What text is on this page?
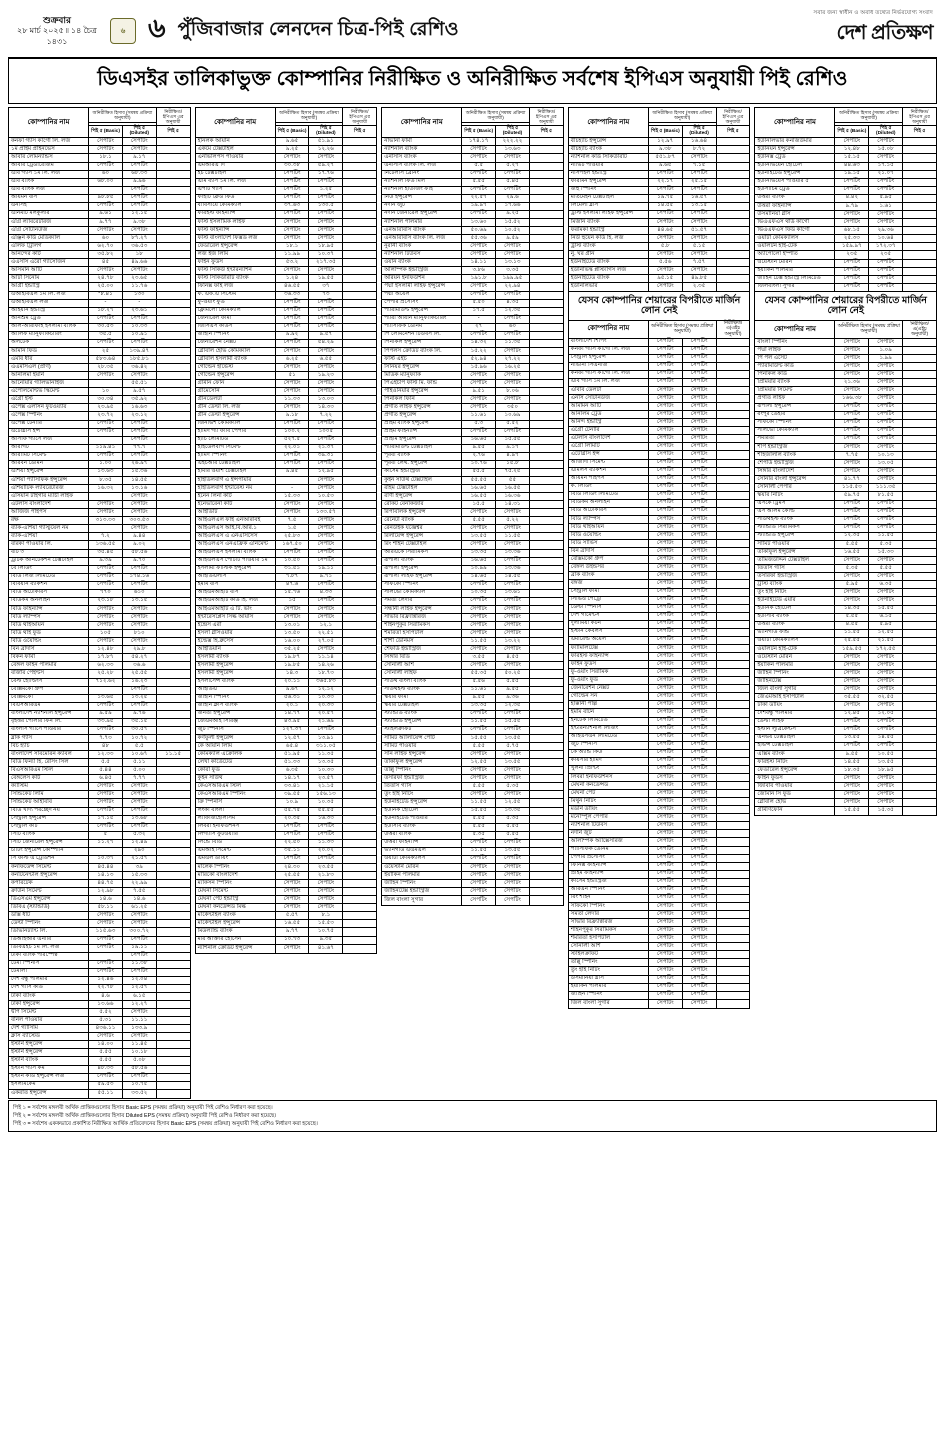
শুক্রবার
২৮ মার্চ ২০২৫ ৷৷ ১৪ চৈত্র ১৪৩১
৬ ৬ পুঁজিবাজার লেনদেন চিত্র-পিই রেশিও
সবার জন্য স্বাধীন ও অবাধ তথ্যের নির্ভরযোগ্য সংবাদ
দেশ প্রতিক্ষণ
ডিএসইর তালিকাভুক্ত কোম্পানির নিরীক্ষিত ও অনিরীক্ষিত সর্বশেষ ইপিএস অনুযায়ী পিই রেশিও
কোম্পানির নাম	অনিরীক্ষিত হিসাব (সমন্বয় প্রক্রিয়া অনুযায়ী)		নিরীক্ষিত/ইপিএস এর অনুযায়ী

	পিই ৫ (Basic)	পিই ৫ (Diluted)	পিই ৫
কনফা গ্যাস কার্গো লি. লজ	সেপটিং	সেপটিং	
১ম প্রাইম প্রাইনভেস	সেপটিং	সেপটিং	
আবার লেমিন্যান্ডস	১৮.১	৯.১৭	
আবার ট্রেডারেজিম	সেপটিং	সেপটিং	
এবি গ্যাস ১ম লি. লজ	৬০	৬৮.৩৩	
এবি ব্যাংক	৬৮.০০	৯.৯৬	
এবি ব্যাংক লজ		সেপটিং	
আয়মন বাস	৯৮.৮৫	সেপটিং	
এনসিই	সেপটিং	সেপটিং	
এনিমার্ট মলকুলার	৯.৬১	১২.১৫	
এগ্রি ল্যাবরেটরিজ	৯.৭৭	৯.৩৮	
এগ্রি সেটিনিউজ	সেপটিং	সেপটিং	
এঞ্জিন কার্ড মেডিক্যাল	৬০	৮৭.২৭	
এলিফ ট্রিলিগ	৬২.৭০	৩৬.৫৩	
আনন্দের কার্ট	৩৫.৮২	১৮	
এএসসি এরো গ্যাসেজিন	৪৫	৪৯.৬৬	
আসমান আটি	সেপটিং	সেপটিং	
আটা সিনেমি	২৪.৭৮	২৩.৬৫	
আগ্রী ইন্ডাস্ট্রি	২৫.০০	১১.৭৬	
এআইবিএল ১ম লি. লজ	*৮.৪১	১৩০	
এআইবিএল লজ	-	-	
আইয়ান ইন্ডাস্ট্রি	১৮.২৭	২৩.৬১	
আনশুম ট্রেড	সেপটিং	সেপটিং	
আল-আরাফাহ ইসলামী ব্যাংক	৩০.৫৩	১০.৩৩	
আলিফ ম্যানুফ্যাকচারিং	৩৫.৫	১০.৯১	
অলটেক	সেপটিং	সেপটিং	
আমান ফিড	২৫	১৩৯.৪৭	
এমবি ধার	৫৮৩.৬৪	১৮৫.৮১	
এএমসিএল (প্রাণ)	২৮.৩৫	৩৬.৪২	
আনলিমা ইয়ার্ন	সেপটিং	সেপটিং	
আনোয়ার গ্যালভানাইজ		৫৫.৫১	
এপেলিমেন্টিভ স্কিমেন্ট	১০	৯.৫৭	
এগ্রো ইস্ট	৩০.৩৪	৩৫.৯২	
এপেক্স এলসিন ফুটওয়্যার	২৩.৯৫	১৬.৬৩	
এপেক্স স্পিনিং	২৩.৭২	২৩.১২	
এপেক্স টেনারি	সেপটিং	সেপটিং	
এটোগ্লাস ইন্স	সেপটিং	সেপটিং	
আসাফ গ্যাসে লজ		সেপটিং	
আরগিট	১১৯.৪১	৭৭.৭	
আরামিট সিমেন্ট	সেপটিং	সেপটিং	
আরবন ডেমিন	১.০০	২৬.৯৭	
এশিয়া ইন্সুরেন্স	১৩.৬৩	১৫.৩৬	
এশিয়া প্যাসিফিক ইন্সুরেন্স	৮.৩৫	১৪.৫৫	
এশিয়াটিক ল্যাবরেটরিজ	১৬.৩২	১৩.১৬	
এসিয়ান টাইগার ম্যাচী লাইফ		সেপটিং	
এটলাস বাংলাদেশ	সেপটিং	সেপটিং	
আজিজ পাইপস	সেপটিং	সেপটিং	
রক্ষ	৩১৩.৩৩	৩০৩.৫৩	
ব্যাক-এশিয়া গ্যাস্টুয়েল নম		সেপটিং	
ব্যাক-এশিয়া	৭.২	৯.৪৪	
বারকা পাওয়ার লি.	১৩৬.৫৫	৯.০২	
বটি ৩	৩৫.৪৫	৫৮.৫৬	
ট্রটিক আনটেকশন টেক্সটাইল	৯.৩৯	৯.৭০	
বে লিডিং	সেপটিং	সেপটিং	
বিডি লিজ লিমিটেড	সেপটিং	১৭৪.১৬	
বিবিয়ান ব্যাকশন	সেপটিং	সেপটিং	
বিডি অটোকারস	৭৭০	৬১০	
বিডিকম অনলাইন	২৩.১৮	১৩.১৫	
বিডি ফাইন্যান্স	সেপটিং	সেপটিং	
বিডি ল্যাম্পস	সেপটিং	সেপটিং	
বিডি থাইআয়ন	সেপটিং	সেপটিং	
বিডি থাই ফুড	১০৫	৮১০	
বিডি ওয়েল্ডিং	সেপটিং	সেপটিং	
বিন ব্রাদার্স	১২.৪৮	২৯.৮	
বিকন ফার্মা	১৭.৮৭	৫৪.২৭	
বেঙ্গল ফাইন পলিমার	৬২.৩৩	৩৬.৬	
বার্জার পেইন্টস	২৫.২৮	২৫.৫৫	
বেস্ট হোল্ডিংস	৭১২.৬২	১৬.২৩	
বেক্সিমকো গ্রুপ		সেপটিং	
বেক্সিমকো	১৩.৬৫	১৩.২৫	
বিএসআরএম	সেপটিং	সেপটিং	
বাংলাদেশ ন্যাশনাল ইন্সুরেন্স	৯.৫৯	৯.৭৬	
বৃহত্তর পোলার ফিন লি.	৩৩.৯৫	৩৫.১৫	
বাংলাস গ্যাসে পাওয়ার	সেপটিং	৩০.৫৭	
ব্লাক গ্যাস	৭.৭৩	১০.৭২	
বিচ হ্যাচ	৪৮	৫.৫	
বাংলাদেশ সাবমেরিন ক্যাবল	১২.৩৩	১০.৬৭	১১.১৫
বিডি ফিন্যা হি. রেসিং সিল	৫.৫	৫.১১	
বিএসআরএম স্টিল	৫.৪৪	৫.০০	
বেঙ্গলেস কার্ট	৬.৪৫	৭.৭৭	
ক্যাস্টিম	সেপটিং	সেপটিং	
সিন্ডিকেট লিমি	সেপটিং	সেপটিং	
সিন্ডিকেট আইবিবি	সেপটিং	সেপটিং	
বিডি খাদ্য পরচ্ছেদ নয়	সেপটিং	সেপটিং	
সেন্ট্রাল ইন্সুরেন্স	১৭.১৫	১৩.৬৮	
সেন্ট্রাল কার্ট	সেপটিং	সেপটিং	
সিটি ব্যাংক	৫	৫.৩২	
সিটি জেনারেল ইন্সুরেন্স	১১.২৭	১২.৪৯	
চাটিং ইন্সুরেন্স কোম্পানি		২৯০	
সি ফার্স্ট এ ট্রেডিশন	১০.৩৭	২১.৫৭	
কনফিডেন্স সিমেন্ট	৪৫.৪৪	৩৯	
কনটিনেন্টাল ইন্সুরেন্স	১৪.১৩	১৫.৩৩	
কপারটেক	৪৪.৭৫	২২.৯৯	
ক্রাউন সিমেন্ট	১২.৯৮	৭.৫৫	
ডিএসএম ইন্সুরেন্স	১৪.৬	১৪.৬	
ডিবিএ (স্ট্যান্ডার্ড)	৫৮.১১	৬১.২৫	
ডাক্স ধটি	সেপটিং	সেপটিং	
ডেল্টা স্পিনিং	সেপটিং	সেপটিং	
ডিভিনিট্যান্ট লি.	১১৫.৬৩	৩০০.৭২	
ডিআইআর এনারি	সেপটিং	সেপটিং	
ডিবিএইচ ১ম লি. লজ	সেপটিং	১৯.১১	
ঢাকা ব্যাংক পারস্পেক্ট		সেপটিং	
ঢেমী স্পিনার্স	সেপটিং	১১.৩৮	
ঢেমালা	সেপটিং	সেপটিং	
দেশ বন্ধু পলিমার	১২.৪৬	১২.০৪	
দেশ গ্যাস কার্ড	২২.৭৮	১২.৫৭	
ঢাকা ব্যাংক	৪.৬	৬.১৫	
ঢাকা ইন্সুরেন্স	১৩.৬৬	১২.২৭	
দ্বীপ সিমেন্ট	৫.৫২	সেপটিং	
বনিল পাওয়ার	৫.৩১	১১.১১	
দেশ গ্যাসিমি	৪৩৬.১১	১৩৩.৯	
ক্লাস ব্যাস্টেড	সেপটিং	সেপটিং	
ইস্টার্ন ইন্সুরেন্স	১৪.০০	১১.৪৫	
ইস্টার্ন ইন্সুরেন্স	৫.৫৫	১০.১৮	
ইস্টার্ন ব্যাংক	৫.৫৫	৫.০৮	
ইস্টার্ন গ্যাস কম	৪৮.৩৩	৫৮.৫৬	
ইস্টার্ন কার্ড ইন্সুরেন্স লজ	সেপটিং	সেপটিং	
ইসলামকেম	৫৯.৫৩	১০.৭৫	
একরাত ইন্সুরেন্স	৫৫.১১	৩৩.৫২	
কোম্পানির নাম	অনিরীক্ষিত হিসাব (সমন্বয় প্রক্রিয়া অনুযায়ী)		নিরীক্ষিত/ইপিএস এর অনুযায়ী

	পিই ৫ (Basic)	পিই ৫ (Diluted)	পিই ৫
ইনিলক আয়ান	৯.৬৫	৫১.৯১	
একমে টেক্সটাইল	৯.২৫	১২.২৬	
এনভিলিপস পাওয়ার	সেপটিং	সেপটিং	
এমআরএ দি	৩০.৩৮	৫৯.২৭	
ইচ টেক্সটাইল	সেপটিং	১৭.৭৬	
এমি ব্যাস ১ম লি. লজ	সেপটিং	সেপটিং	
এপটি গ্যাস	সেপটিং	১.২৫	
ফাইটি ফ্রিড ফিড	সেপটিং	সেপটিং	
ব্যাবসায়ে কেমিক্যাল	৩৭.৬৩	১৩০.৫	
ফারইস্ট ফাইন্যান্স	সেপটিং	সেপটিং	
ফার্স্ট ইসলামিক লাইফ	সেপটিং	সেপটিং	
ফার্স্ট ফাইন্যান্স	সেপটিং	সেপটিং	
ফার্স্ট বাংলাদেশ ফিক্সড লজ	সেপটিং	সেপটিং	
ফেডারেল ইন্সুরেন্স	১৮.১	১৮.৯৫	
লজ ইজ লিমি	১১.৯৯	১০.৩৭	
ফাইন ফুডস	৫৩.২	২১৭.৩৫	
ফার্স্ট সিকিউ ইন্টারন্যাশন	সেপটিং	সেপটিং	
ফার্স্ট সিকিউরিটি ব্যাংক	১.২৪	১৯.৫৫	
ফিনিক্স ফাই লজ	৪৬.৫৫	৩৭	
ফ. এফ.এ সিস্টেম	৩৬.৩৩	৭৩	
ফু-ওয়াং ফুড	সেপটিং	সেপটিং	
ফ্লেমিলো কেমিক্যাল	সেপটিং	সেপটিং	
জেনারেল ফার্মা	সেপটিং	সেপটিং	
জিসিএস কার্ডস	সেপটিং	সেপটিং	
জাহান স্পিনিং	৯.৯২	৯.৫৭	
জেনারেশন নেক্সট	সেপটিং	৫৪.২৯	
গ্লোবাল হেভি কেমিক্যাল	সেপটিং	সেপটিং	
গ্লোবাল ইসলামী ব্যাংক	৬.২৫	৬.৫৫	
গোল্ডেন হার্ভেস্ট	সেপটিং	সেপটিং	
গোল্ডেন ইন্সুরেন্স	৫১	১৯.২৩	
গ্রামীন ফোন	সেপটিং	সেপটিং	
গ্রামেসোন	সেপটিং	সেপটিং	
গ্রীনডেলটা	১১.৩৩	১৩.০৩	
গ্রীন ডেল্টা লি. লজ	সেপটিং	১৪.৩৩	
গ্রীন ডেল্টা ইন্সুরেন্স	৯.১৮	৭.২২	
জিনভিশ কেমিক্যাল	সেপটিং	সেপটিং	
হামিদ গ্যা ফ্যাব পেপার	১০০.২	১০০৫	
হ্যাচ লেমিটিড	৫২৭.৫	সেপটিং	
হাইডেলবার্গ সিমেন্ট	২২.০১	২১.৩৭	
হামিদ স্পিনিং	সেপটিং	৩৯.৩১	
এইচআর টেক্সটাইল	সেপটিং	সেপটিং	
হামার ওয়াশ টেক্সটাইল	৯.৪৫	১২.৯৫	
হাইডিলবার্গ এ ইন্সপায়ার		সেপটিং	
হাইডিলবার্গ ইন্টারেস্ট নম	-	সেপটিং	
ইনেন লিনা কার্ট	১৫.৩৩	১০.৫৩	
ইনেভারেনা কার্ট	সেপটিং	সেপটিং	
আইডিটি	সেপটিং	১৩৩.৫৭	
আইএলএল ফাই এনআরবিই	৭.৫	সেপটিং	
আইএলএস আই.বি.আর.১	১.৫	সেপটিং	
আইএলএস এ এনএসিসেস	২৫.৮৩	সেপটিং	
আইএলএস এনএফ্রিক এনিমেন্ট	১৬৭.৫০	সেপটিং	
আইএলএস ইসলামী ব্যাংক	সেপটিং	সেপটিং	
আইএলএস পোর্টটি পাওয়ার ১ম	১০.৫০	সেপটিং	
ইসলামী ফার্স্টিক ইন্সুরেন্স	৩১.৫১	১৯.১১	
আইডিএলসি	৭.৮৭	৯.৭১	
ইমাম বাস	৪৭.৬	সেপটিং	
আইএমআইটি বাস	১৫.৭৬	৪.৩৩	
আইএমআইটি কার্ড হি. লজ	১৫	সেপটিং	
আইএমআইটি এ টি. ভাং	সেপটিং	সেপটিং	
ইন্টারেসপ্লেস সিল্ক আয়াস	সেপটিং	সেপটিং	
ইন্দ্রেস এরা	১৩.০১	১২.১	
ইসলা গ্লাসওয়ার	১৩.৫০	২২.৫১	
ইল্ডেক্স হি.ব্রুসেস	১৬.০০	২৭.০৫	
আইডিয়ান	৩৫.২৫	সেপটিং	
ইসলামী ব্যাংক	১৯.৮৭	১১.১৪	
ইসলামী ইন্সুরেন্স	১৯.৮৫	১৪.২৬	
ইসলামী ইন্সুরেন্স	১৪.৩	১৮.৭৩	
ইসলাসেন্স ব্যাংক	২০.১১	৩৬৫.৮৩	
আইডিএ	৯.৬৭	১২.১২	
জাহান স্পিনিং	৫৬.৩১	১০.৩৩	
জাহান ক্লাস ব্যাংক	২০.১	২০.৩৩	
জনতা ইন্সুরেন্স	১৪.৭৭	২০.৫৭	
জেএমআই সিরিঞ্জ	৪৩.৯৫	২১.৬৯	
জুট স্পিনার্স	১২৭.৩৭	সেপটিং	
কর্ণফুলী ইন্সুরেন্স	১২.৫৭	১৩.৯১	
কে আয়ান লিমি	৬৫.৪	৩১১.০৫	
কেমিক্যাল এক্রেলিক	৫১.৯৫	১১.৩৫	
লেখা কার্ডেটেড	৫১.৩৩	১৩.৩৫	
কোরা ফুড	৬.৩৫	১০.৩৩	
কুইন সাউথ	১৪.১৭	২৩.৫৭	
কেএসআরএম স্টিল	৩৩.৪১	২১.১৫	
কেএসআরএম স্পিনিং	৩৯.৫৫	১৫৬.১৩	
ক্রি স্পিনার্স	১০.৯	১০.৩৫	
লংকা বাংলা	৫৫.৭৫	৫৫.৫৫	
ল্যাফার্জহোলসিম	২০.৩৫	১৬.৩৩	
লিবরা ইনফিউশনস	সেপটিং	সেপটিং	
লিগ্যাসি ফুটওয়্যার	সেপটিং	সেপটিং	
লিন্ডে বিডি	২২.৫০	১১.৩৩	
এমআই সিমেন্ট	৩৫.১১	২০.০২	
এমএল ডায়িং	সেপটিং	সেপটিং	
মালেক স্পিনিং	২৪.৩০	২৩.৫৫	
মারিকো বাংলাদেশ	২৫.৫৫	২১.৮৩	
ম্যাকসন স্পিনিং	সেপটিং	সেপটিং	
মেঘনা সিমেন্ট	সেপটিং	সেপটিং	
মেঘনা পেট ইন্ডাস্ট্রি	সেপটিং	সেপটিং	
মেঘনা কনডেন্সড মিল্ক	সেপটিং	সেপটিং	
মার্কেন্টাইল ব্যাংক	৫.৫৭	৮.১	
মার্কেন্টাইল ইন্সুরেন্স	১৬.৫৫	১৫.৫৩	
মিডল্যান্ড ব্যাংক	৯.৭৭	১০.৭৫	
মীর আক্তার হোসেন	১০.৭৩	৯.৩৫	
ন্যাশনাল ক্রেডিট ইন্সুরেন্স	সেপটিং	৪১.৬৭	
কোম্পানির নাম	অনিরীক্ষিত হিসাব (সমন্বয় প্রক্রিয়া অনুযায়ী)		নিরীক্ষিত/ইপিএস এর অনুযায়ী

	পিই ৫ (Basic)	পিই ৫ (Diluted)	পিই ৫
নাভানা ফার্মা	১৭৪.১৭	২২২.২২	
ন্যাশনাল ব্যাংক	সেপটিং	১৩.৬৩	
এনসিসি ব্যাংক	সেপটিং	সেপটিং	
এনসিসি ব্যাংক লি. লজ	৫.৫	৫.২৭	
নিটেলসি ব্রেনিং	সেপটিং	সেপটিং	
ন্যাশনাল ফিড মিল	৫.৫৫	৫.৪৫	
ন্যাশনাল হাউজিং ফাই	সেপটিং	সেপটিং	
নিউ ইন্সুরেন্স	২২.৫৭	২৯.৬	
নর্দার্ন জুট	১৯.৯৭	১৭.৬৬	
নর্দার্ন জেনারেল ইন্সুরেন্স	সেপটিং	৯.২৫	
ন্যাশনাল পলিমার	১৩.৬০	১৫.৫২	
এনআরবিসি ব্যাংক	৫০.৬৯	১০.৫২	
এনআরবিসি ব্যাংক লি. লজ	৫৫.৩৬	৯.৫৯	
নুরানী ব্যাংক	সেপটিং	সেপটিং	
ন্যাশনাল টিউবস	সেপটিং	সেপটিং	
ওয়ান ব্যাংক	১৪.১১	১৩.১৩	
অলিম্পিক ইন্ডাস্ট্রিজ	৩.৮৬	৩.৩৫	
অরিয়ন ইনফিউশন	১৯১.৮	১৯৯.৯৫	
পদ্মা ইসলামী লাইফ ইন্সুরেন্স	সেপটিং	২২.৯৪	
পদ্মা অয়েল	সেপটিং	সেপটিং	
পেপার প্রসেসিং	৫.৫০	৪.৩৫	
প্যারামাউন্ট ইন্সুরেন্স	১৭.৫	১২.৩৫	
প্যারী আয়ান ম্যানুফ্যাকচারিং	-	সেপটিং	
প্যাসিফিক ডেনিম	২৭	৬০	
পি লেমিনেশন টিউবস লি.	সেপটিং	সেপটিং	
পিনাকল ইন্সুরেন্স	১৪.৩২	১১.৩৫	
পিপলস ক্রেডিট ব্যাংক লি.	১৫.২২	সেপটিং	
ফার্স্ট এইচ	৫২.৯৪	২৭.২২	
সিনিয়র ইন্সুরেন্স	১৫.৯৬	১৬.২৫	
মিডিক ম্যানুফ্যাক	সেপটিং	সেপটিং	
পিএইচপি ফার্স্ট মি. ফান্ড	সেপটিং	সেপটিং	
পাইওনিয়ার ইন্সুরেন্স	৯.৫১	৮.০৬	
পিনাকল ফিনি	সেপটিং	সেপটিং	
প্রগতি লাইফ ইন্সুরেন্স	সেপটিং	৩৫০	
প্রগতি ইন্সুরেন্স	১১.৬১	১০.৬৯	
প্রাইম ব্যাংক ইন্সুরেন্স	৫.৩	৫.৫২	
প্রাইম ফাইন্যান্স	সেপটিং	সেপটিং	
প্রাইমি ইন্সুরেন্স	১৬.৬৫	১৫.৫৫	
প্যারামাউন্ট টেক্সটাইল	৯.৫৫	৯.১৭	
পূরবী ব্যাংক	২.৭৬	৪.৯৭	
পূরবী লেথ. ইন্সুরেন্স	১০.৭৬	১৫.৮	
কাসেম ইন্ডাস্ট্রিজ	৫৫.৫	৭৫.২৫	
কুইন সাউথ টেক্সটাইল	৫৫.৫৫	৫৫	
রহিম টেক্সটাইল	১৬.৬৫	১৬.৫৫	
রাণী ইন্সুরেন্স	১৬.৫৫	১৬.৩৬	
রেকিট বেনকিজার	১৫.৫	১৪.৩১	
রিপাবলিক ইন্সুরেন্স	সেপটিং	সেপটিং	
রেনেটা ব্যাংক	৫.৫৫	৫.২২	
রেনউইক যজ্ঞেশ্বর	সেপটিং	সেপটিং	
রিলায়েন্স ইন্সুরেন্স	১৩.৫৫	১১.৫৫	
রিং শাইন টেক্সটাইল	সেপটিং	সেপটিং	
আরএকে সিরামিকস	১৩.৩৫	১৩.৩৬	
রূপালী ব্যাংক	১৬.৬৫	সেপটিং	
রূপালী ইন্সুরেন্স	১০.৯৯	১৩.৩৬	
রূপালী লাইফ ইন্সুরেন্স	১৪.৬৫	১৪.৫৫	
সাফকো স্পিনিং	সেপটিং	সেপটিং	
সালভো কেমিক্যাল	১০.৩৫	১৩.৬১	
সমতা লেদার	সেপটিং	সেপটিং	
সন্ধানী লাইফ ইন্সুরেন্স	সেপটিং	সেপটিং	
সাভার রিফ্র্যাক্টরিজ	সেপটিং	সেপটিং	
শাইনপুকুর সিরামিকস	সেপটিং	সেপটিং	
শমরিতা হসপিটাল	সেপটিং	সেপটিং	
শাশা ডেনিমস	১১.৫৫	১৩.২২	
শেফার্ড ইন্ডাস্ট্রিজ	সেপটিং	সেপটিং	
সিঙ্গার বিডি	৩.৫৫	৪.৫৫	
সোনালী আঁশ	সেপটিং	সেপটিং	
সোনালী লাইফ	৫৫.৩৫	৫০.২৫	
সাউথ বাংলা ব্যাংক	৫.৫৬	৫.৫৫	
সাউথইস্ট ব্যাংক	১১.৬১	৯.৫৫	
স্কয়ার ফার্মা	৯.৫৫	৯.৩৬	
স্কয়ার টেক্সটাইল	১৩.৩৫	১২.৩৫	
স্ট্যান্ডার্ড ব্যাংক	সেপটিং	সেপটিং	
স্ট্যান্ডার্ড ইন্সুরেন্স	১১.৫৫	১৫.৫৫	
স্টাইলক্রাফট	সেপটিং	সেপটিং	
সামিট অ্যালায়েন্স পোর্ট	১৫.৫৫	১৩.৫৫	
সামিট পাওয়ার	৫.৫৫	৫.৭৫	
সান লাইফ ইন্সুরেন্স	সেপটিং	সেপটিং	
তাকাফুল ইন্সুরেন্স	১২.৫৫	১৩.৫৫	
তাল্লু স্পিনিং	সেপটিং	সেপটিং	
তসরিফা ইন্ডাস্ট্রিজ	সেপটিং	সেপটিং	
তিতাস গ্যাস	৫.৫৫	৫.৩৫	
তুং হাই নিটিং	সেপটিং	সেপটিং	
ইউনাইটেড ইন্সুরেন্স	১১.৫৫	১২.৫৫	
ইউনিক হোটেল	১৫.৫৫	১৩.৩৫	
ইউনাইটেড পাওয়ার	৫.৫৫	৫.৩৫	
ইউসিবি ব্যাংক	৫.৫৫	৫.৫৫	
উত্তরা ব্যাংক	৫.৩৫	৫.৫৫	
উত্তরা ফাইন্যান্স	সেপটিং	সেপটিং	
ভ্যানগার্ড এএমএল	১১.৫৫	১৩.৫৫	
ওয়াটা কেমিক্যালস	সেপটিং	সেপটিং	
ওয়েস্টার্ন মেরিন	সেপটিং	সেপটিং	
ইয়াকিন পলিমার	সেপটিং	সেপটিং	
জাহিন স্পিনিং	সেপটিং	সেপটিং	
জাহিনটেক্স ইন্ডাস্ট্রিজ	সেপটিং	সেপটিং	
জিল বাংলা সুগার	সেপটিং	সেপটিং	
কোম্পানির নাম	অনিরীক্ষিত হিসাব (সমন্বয় প্রক্রিয়া অনুযায়ী)		নিরীক্ষিত/ইপিএস এর অনুযায়ী

	পিই ৫ (Basic)	পিই ৫ (Diluted)	পিই ৫
বীচহ্যাচ ইন্সুরেন্স	১২.৯৭	১৬.৬৪	
বীচহ্যাচ ব্যাংক	৯.৩৮	৮.৭২	
ন্যাশনাল কার্ড সিকিউরিটি	৫৫১.৮৭	সেপটিং	
নাভিট পাওয়ার	৯.৬৫	৭.১৫	
নাসপইল ইন্ডাস্ট্রি	সেপটিং	সেপটিং	
ফারামন ইন্সুরেন্স	২২.১৭	২৫.১৫	
জহু স্পিনিং	সেপটিং	সেপটিং	
মতিমেইন টেক্সটাইল	১৯.৭৫	১৬.৫৭	
লিমেলা ব্লাস	১৪.৫৫	১৩.১৫	
ট্রাস্ট ইসলামী লাইফ ইন্সুরেন্স	সেপটিং	সেপটিং	
মিজান ব্যাংক	সেপটিং	সেপটিং	
ফরমিকা ইন্ডাস্ট্রি	৪৪.৬৫	৫১.৫৭	
নিউ হুয়েন কার্ড হি. লজ	সেপটিং	সেপটিং	
ট্রাস্ট ব্যাংক	৫.৮	৫.১৫	
নু. ঘর গ্রীন	সেপটিং	সেপটিং	
ইউনাইটেড ব্যাংক	৫.৫৬	৭.৫৭	
ইউনিভিস্ক প্লাস্ট্যাগস লজ	সেপটিং	সেপটিং	
ইউনাইটেড ব্যাংক	৯৫.১৫	৪৯.৮৫	
ইউনিলিভার	সেপটিং	২.৩৫	
যেসব কোম্পানির শেয়ারের বিপরীতে মার্জিন লোন নেই			
কোম্পানির নাম	অনিরীক্ষিত হিসাব (সমন্বয় প্রক্রিয়া অনুযায়ী)		নিরীক্ষিত/এ(এইচ অনুযায়ী)
বাংলাদেশ শিপিং	সেপটিং	সেপটিং	
কনফা গ্যাস কার্গো লি. লজ	সেপটিং	সেপটিং	
সেন্ট্রাল ইন্সুরেন্স	সেপটিং	সেপটিং	
নাভানা সিএনজি	সেপটিং	সেপটিং	
কনফা গ্যাস কার্গো লি. লজ	সেপটিং	সেপটিং	
এবি গ্যাস ১ম লি. লজ	সেপটিং	সেপটিং	
এবিবি ডেলটা	সেপটিং	সেপটিং	
এনসি সেটিনিউজ	সেপটিং	সেপটিং	
আমামন আটি	সেপটিং	সেপটিং	
আনলিম ট্রেড	সেপটিং	সেপটিং	
আনন্দ ইন্ডাস্ট্রি	সেপটিং	সেপটিং	
এগ্রো টেনারি	সেপটিং	সেপটিং	
এটলাস বাংলাদেশ	সেপটিং	সেপটিং	
এগ্রো লিমিটি	সেপটিং	সেপটিং	
এটোগ্লাস ইন্স	সেপটিং	সেপটিং	
আজাদী সিমেন্ট	সেপটিং	সেপটিং	
এমিলস ব্যাকশন	সেপটিং	সেপটিং	
আয়মন পাইপস	সেপটিং	সেপটিং	
ক. লিডিং	সেপটিং	সেপটিং	
বিডি লিডিং লিমিটেড	সেপটিং	সেপটিং	
বিডিকম অনলাইন	সেপটিং	সেপটিং	
বিডি অটোকারস	সেপটিং	সেপটিং	
বিডি ল্যাম্পস	সেপটিং	সেপটিং	
বিডি থাইআয়ন	সেপটিং	সেপটিং	
বিডি ওয়েল্ডিং	সেপটিং	সেপটিং	
বিডি সার্ভিস	সেপটিং	সেপটিং	
বিন ব্রাদার্স	সেপটিং	সেপটিং	
বেক্সিমকো গ্রুপ	সেপটিং	সেপটিং	
বেঙ্গল উইন্ডসর	সেপটিং	সেপটিং	
ব্রাক ব্যাংক	সেপটিং	সেপটিং	
বঙ্গজ	সেপটিং	সেপটিং	
সেন্ট্রাল ফার্মা	সেপটিং	সেপটিং	
সিভিও পেট্রো	সেপটিং	সেপটিং	
ডেল্টা স্পিনার্স	সেপটিং	সেপটিং	
দেশ গার্মেন্টস	সেপটিং	সেপটিং	
দুলামিয়া কটন	সেপটিং	সেপটিং	
ইস্টার্ন কেবলস	সেপটিং	সেপটিং	
এমারেল্ড অয়েল	সেপটিং	সেপটিং	
ফ্যামিলিটেক্স	সেপটিং	সেপটিং	
ফারইস্ট ফাইন্যান্স	সেপটিং	সেপটিং	
ফাইন ফুডস	সেপটিং	সেপটিং	
ফু-ওয়াং সিরামিক	সেপটিং	সেপটিং	
ফু-ওয়াং ফুড	সেপটিং	সেপটিং	
জেনারেশন নেক্সট	সেপটিং	সেপটিং	
গোল্ডেন সন	সেপটিং	সেপটিং	
হাক্কানী পাল্প	সেপটিং	সেপটিং	
ইমাম বাটন	সেপটিং	সেপটিং	
ইনটেক লিমিটেড	সেপটিং	সেপটিং	
ইন্টারন্যাশনাল লিজিং	সেপটিং	সেপটিং	
আইএসএন লিমিটেড	সেপটিং	সেপটিং	
জুট স্পিনার্স	সেপটিং	সেপটিং	
কে অ্যান্ড কিউ	সেপটিং	সেপটিং	
কায়সার হামিদ	সেপটিং	সেপটিং	
খুলনা প্রিন্টিং	সেপটিং	সেপটিং	
লিবরা ইনফিউশনস	সেপটিং	সেপটিং	
মেঘনা কনডেন্সড	সেপটিং	সেপটিং	
মেঘনা পেট	সেপটিং	সেপটিং	
মিথুন নিটিং	সেপটিং	সেপটিং	
মডার্ন ডায়িং	সেপটিং	সেপটিং	
মনোস্পুল পেপার	সেপটিং	সেপটিং	
ন্যাশনাল টিউবস	সেপটিং	সেপটিং	
নর্দার্ন জুট	সেপটিং	সেপটিং	
অলিম্পিক অ্যাক্সেসরিজ	সেপটিং	সেপটিং	
প্যাসিফিক ডেনিম	সেপটিং	সেপটিং	
পেপার প্রসেসিং	সেপটিং	সেপটিং	
ফিনিক্স ফাইন্যান্স	সেপটিং	সেপটিং	
প্রাইম ফাইন্যান্স	সেপটিং	সেপটিং	
কাসেম ইন্ডাস্ট্রিজ	সেপটিং	সেপটিং	
আরএন স্পিনিং	সেপটিং	সেপটিং	
রিং শাইন	সেপটিং	সেপটিং	
সাফকো স্পিনিং	সেপটিং	সেপটিং	
সমতা লেদার	সেপটিং	সেপটিং	
সাভার রিফ্র্যাক্টরিজ	সেপটিং	সেপটিং	
শাইনপুকুর সিরামিকস	সেপটিং	সেপটিং	
শমরিতা হসপিটাল	সেপটিং	সেপটিং	
সোনালী আঁশ	সেপটিং	সেপটিং	
স্টাইলক্রাফট	সেপটিং	সেপটিং	
তাল্লু স্পিনিং	সেপটিং	সেপটিং	
তুং হাই নিটিং	সেপটিং	সেপটিং	
উসমানিয়া গ্লাস	সেপটিং	সেপটিং	
ইয়াকিন পলিমার	সেপটিং	সেপটিং	
জাহিন স্পিনিং	সেপটিং	সেপটিং	
জিল বাংলা সুগার	সেপটিং	সেপটিং	
কোম্পানির নাম	অনিরীক্ষিত হিসাব (সমন্বয় প্রক্রিয়া অনুযায়ী)		নিরীক্ষিত/ইপিএস এর অনুযায়ী

	পিই ৫ (Basic)	পিই ৫ (Diluted)	পিই ৫
ইউনিলিভার কনজিউমার	সেপটিং	সেপটিং	
ইউনিয়ন ইন্সুরেন্স	১২.৪৮	১৫.০৮	
ইউনিক্স ট্রেড	১৫.১৫	সেপটিং	
ইউনিভিয়েন হোটেল	৪৪.৬৩	১৭.১৫	
ইউনাইটেড ইন্সুরেন্স	১৯.১৫	২১.০৭	
ইউনিভিয়েস পাওয়ার ৫	সেপটিং	সেপটিং	
ইউসার্চিম ট্রেড	সেপটিং	সেপটিং	
উত্তরা ব্যাংক	৪.৪২	৫.৯৫	
উত্তরা ফাইন্যান্স	৯.৭৯	১.৬১	
উসমানিয়া গ্লাস	সেপটিং	সেপটিং	
ভিএএফএস থার্ড কার্গো	সেপটিং	সেপটিং	
ভিএএফএস ফিড কার্গো	৬৮.১৫	২৯.৩৬	
ওয়াটা কেমিক্যালস	২৫.৩৩	১০.৬৪	
ওয়ালটন হাই-টেক	১৫৯.৯৭	১৭২.৩৭	
অ্যাপোলো ইস্পাত	২৩৫	২৩৫	
ওয়েস্টার্ন মেরিন	সেপটিং	সেপটিং	
ইয়াকিন পলিমার	সেপটিং	সেপটিং	
জাহিন টেক্স ইন্ডাস্ট্রি লিমিটেড	সেপটিং	সেপটিং	
জিলবাংলা সুগার	সেপটিং	সেপটিং	
যেসব কোম্পানির শেয়ারের বিপরীতে মার্জিন লোন নেই			
কোম্পানির নাম	অনিরীক্ষিত হিসাব (সমন্বয় প্রক্রিয়া অনুযায়ী)		নিরীক্ষিত/এ(এইচ অনুযায়ী)
বাংলা স্পিনিং	সেপটিং	সেপটিং	
পদ্মা লাইফ	সেপটিং	১.০৯	
পি পল এসেট	সেপটিং	১.৯৯	
প্যারামাউন্ট কার্ড	সেপটিং	সেপটিং	
পিনাকল কার্ড	সেপটিং	সেপটিং	
প্রিমিয়ার ব্যাংক	২১.৩৬	সেপটিং	
প্রিমিয়ার সিমেন্ট	সেপটিং	সেপটিং	
প্রগতি লাইফ	১৬৬.৩৮	সেপটিং	
রূপালী ইন্সুরেন্স	সেপটিং	সেপটিং	
রংপুর ডেইরি	সেপটিং	সেপটিং	
সাফকো স্পিনিং	সেপটিং	সেপটিং	
সালভো কেমিক্যাল	সেপটিং	সেপটিং	
সমরিতা	সেপটিং	সেপটিং	
শার্প ইন্ডাস্ট্রিজ	সেপটিং	সেপটিং	
শাহজালাল ব্যাংক	৭.৭৫	১০.১৩	
শেপার্ড ইন্ডাস্ট্রিজ	সেপটিং	১৩.০৫	
সিঙ্গার বাংলাদেশ	সেপটিং	সেপটিং	
সোনার বাংলা ইন্সুরেন্স	৪১.৭৭	সেপটিং	
সোনালী পেপার	১১৫.৫৩	১১১.৩৫	
স্কয়ার নিটিং	৫৯.৭৫	৮১.৫৫	
এসকে ট্রিমস	সেপটিং	সেপটিং	
এস আলম কোল্ড	সেপটিং	সেপটিং	
সাউথইস্ট ব্যাংক	সেপটিং	সেপটিং	
স্ট্যান্ডার্ড সিরামিকস	সেপটিং	সেপটিং	
স্ট্যান্ডার্ড ইন্সুরেন্স	১২.৩৫	১১.৫৫	
সামিট পাওয়ার	৫.৫৫	৫.৩৫	
তাকাফুল ইন্সুরেন্স	১৬.৫৫	১৫.৩৩	
তামিজউদ্দিন টেক্সটাইল	সেপটিং	সেপটিং	
তিতাস গ্যাস	৫.৩৫	৫.৫৫	
তসরিফা ইন্ডাস্ট্রিজ	সেপটিং	সেপটিং	
ট্রাস্ট ব্যাংক	৫.৯৫	৬.৩৫	
তুং হাই নিটিং	সেপটিং	সেপটিং	
ইউনাইটেড এয়ার	সেপটিং	সেপটিং	
ইউনিক হোটেল	১৪.৩৫	১৫.৫৫	
ইউসিবি ব্যাংক	৫.৫৫	৬.১৫	
উত্তরা ব্যাংক	৪.৫৫	৫.৯৫	
ভ্যানগার্ড ফান্ড	১১.৫৫	১২.৫৫	
ওয়াটা কেমিক্যালস	২৫.৫৫	২১.৫৫	
ওয়ালটন হাই-টেক	১৫৯.৫৫	১৭২.৫৫	
ওয়েস্টার্ন মেরিন	সেপটিং	সেপটিং	
ইয়াকিন পলিমার	সেপটিং	সেপটিং	
জাহিন স্পিনিং	সেপটিং	সেপটিং	
জাহিনটেক্স	সেপটিং	সেপটিং	
জিল বাংলা সুগার	সেপটিং	সেপটিং	
জেএমআই হসপিটাল	৩৫.৫৫	৩২.৫৫	
ঢাকা ডায়িং	সেপটিং	সেপটিং	
দেশবন্ধু পলিমার	১২.৪৫	১২.০৫	
ডেল্টা লাইফ	সেপটিং	সেপটিং	
ইস্টার্ন লুব্রিকেন্টস	সেপটিং	সেপটিং	
এনভয় টেক্সটাইল	১৩.৫৫	১৪.৫৫	
ইভিন্স টেক্সটাইল	সেপটিং	সেপটিং	
এক্সিম ব্যাংক	৯.৫৫	১০.৫৫	
ফারইস্ট নিটিং	১৪.৫৫	১৩.৫৫	
ফেডারেল ইন্সুরেন্স	১৮.৩৫	১৮.৯৫	
ফাইন ফুডস	সেপটিং	সেপটিং	
জিবিবি পাওয়ার	সেপটিং	সেপটিং	
জেমিনি সি ফুড	সেপটিং	সেপটিং	
গ্লোবাল হেভি	সেপটিং	সেপটিং	
গ্রামীণফোন	১৫.৫৫	১৫.৩৫	
পিই ১ = সর্বশেষ মঙ্গলবী অর্থিক প্রান্তিকগুলোর হিসাব Basic EPS (সমন্বয় প্রক্রিয়া) অনুযায়ী পিই রেশিও নির্ধারণ করা হয়েছে।
পিই ২ = সর্বশেষ মঙ্গলবী অর্থিক প্রান্তিকগুলোর হিসাব Diluted EPS (সমন্বয় প্রক্রিয়া) অনুযায়ী পিই রেশিও নির্ধারণ করা হয়েছে।
পিই ৩ = সর্বশেষ এককভাবে প্রকাশিত নিরীক্ষিত আর্থিক প্রতিবেদনের হিসাব Basic EPS (সমন্বয় প্রক্রিয়া) অনুযায়ী পিই রেশিও নির্ধারণ করা হয়েছে।
